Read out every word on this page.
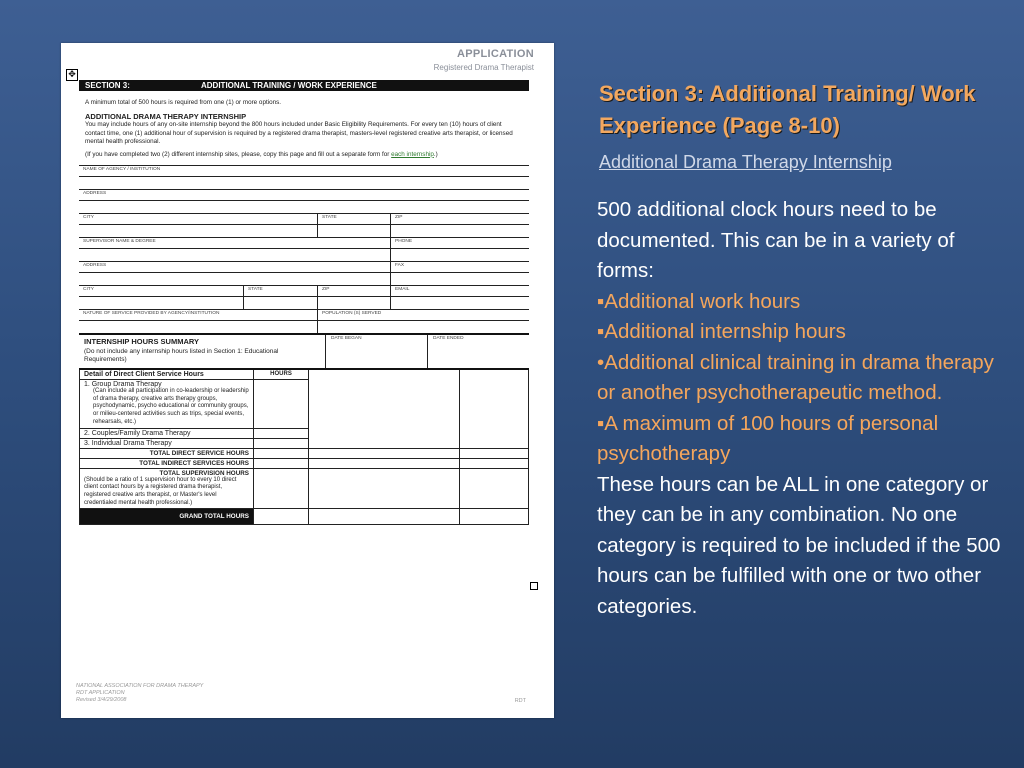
APPLICATION
Registered Drama Therapist
✥
SECTION 3:	ADDITIONAL TRAINING / WORK EXPERIENCE
A minimum total of 500 hours is required from one (1) or more options.
ADDITIONAL DRAMA THERAPY INTERNSHIP
You may include hours of any on-site internship beyond the 800 hours included under Basic Eligibility Requirements. For every ten (10) hours of client contact time, one (1) additional hour of supervision is required by a registered drama therapist, masters-level registered creative arts therapist, or licensed mental health professional.
(If you have completed two (2) different internship sites, please, copy this page and fill out a separate form for each internship.)
NAME OF AGENCY / INSTITUTION
ADDRESS
CITY	STATE	ZIP
SUPERVISOR NAME & DEGREE	PHONE
ADDRESS	FAX
CITY	STATE	ZIP	EMAIL
NATURE OF SERVICE PROVIDED BY AGENCY/INSTITUTION	POPULATION (S) SERVED
INTERNSHIP HOURS SUMMARY
(Do not include any internship hours listed in Section 1: Educational Requirements)
DATE BEGAN	DATE ENDED
Detail of Direct Client Service Hours	HOURS		

1. Group Drama Therapy
(Can include all participation in co-leadership or leadership of drama therapy, creative arts therapy groups, psychodynamic, psycho educational or community groups, or milieu-centered activities such as trips, special events, rehearsals, etc.)			

2. Couples/Family Drama Therapy			
3. Individual Drama Therapy			
TOTAL DIRECT SERVICE HOURS			
TOTAL INDIRECT SERVICES HOURS			

TOTAL SUPERVISION HOURS
(Should be a ratio of 1 supervision hour to every 10 direct client contact hours by a registered drama therapist, registered creative arts therapist, or Master's level credentialed mental health professional.)			

GRAND TOTAL HOURS			
NATIONAL ASSOCIATION FOR DRAMA THERAPY
RDT APPLICATION
Revised 3/4/29/2008	RDT
Section 3: Additional Training/ Work Experience (Page 8-10)
Additional Drama Therapy Internship
500 additional clock hours need to be documented. This can be in a variety of forms:
▪Additional work hours
▪Additional internship hours
•Additional clinical training in drama therapy or another psychotherapeutic method.
▪A maximum of 100 hours of personal psychotherapy
These hours can be ALL in one category or they can be in any combination. No one category is required to be included if the 500 hours can be fulfilled with one or two other categories.
